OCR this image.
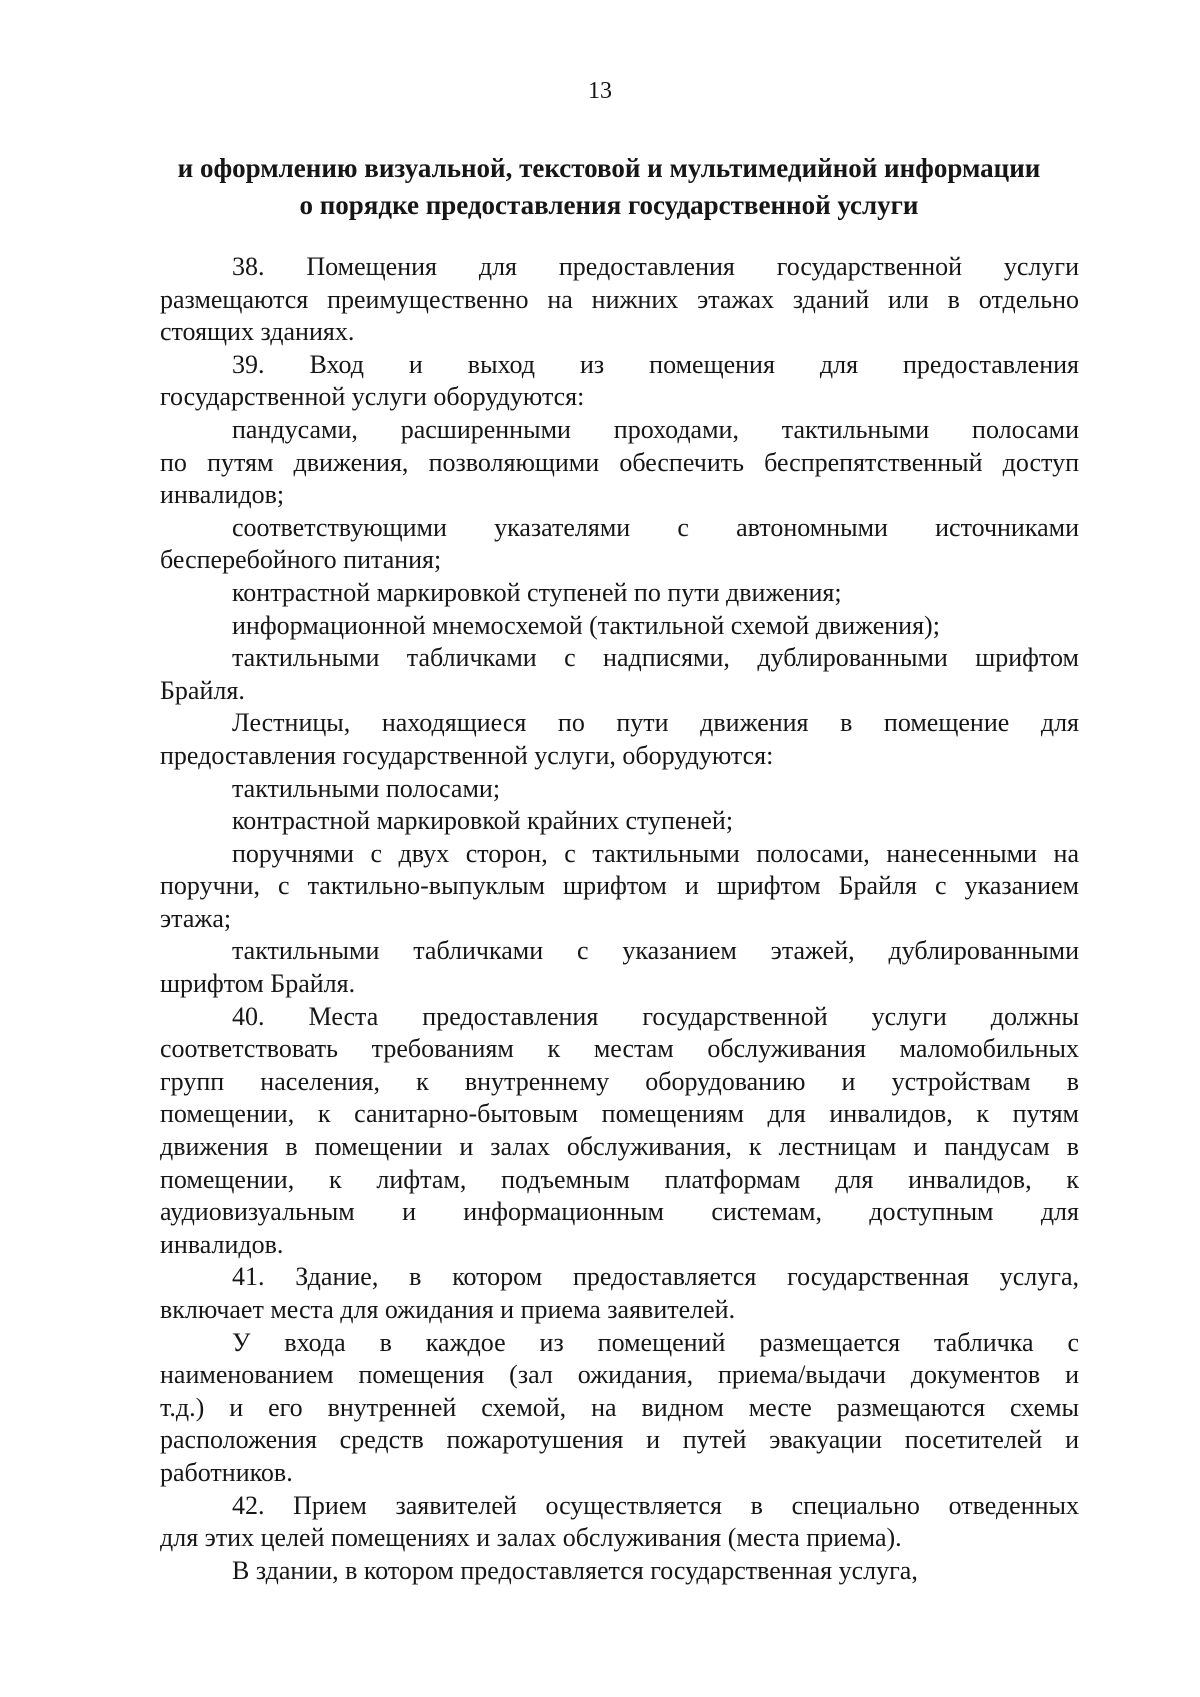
13
и оформлению визуальной, текстовой и мультимедийной информации
о порядке предоставления государственной услуги
38. Помещения для предоставления государственной услуги
размещаются преимущественно на нижних этажах зданий или в отдельно
стоящих зданиях.
39. Вход и выход из помещения для предоставления
государственной услуги оборудуются:
пандусами, расширенными проходами, тактильными полосами
по путям движения, позволяющими обеспечить беспрепятственный доступ
инвалидов;
соответствующими указателями с автономными источниками
бесперебойного питания;
контрастной маркировкой ступеней по пути движения;
информационной мнемосхемой (тактильной схемой движения);
тактильными табличками с надписями, дублированными шрифтом
Брайля.
Лестницы, находящиеся по пути движения в помещение для
предоставления государственной услуги, оборудуются:
тактильными полосами;
контрастной маркировкой крайних ступеней;
поручнями с двух сторон, с тактильными полосами, нанесенными на
поручни, с тактильно-выпуклым шрифтом и шрифтом Брайля с указанием
этажа;
тактильными табличками с указанием этажей, дублированными
шрифтом Брайля.
40. Места предоставления государственной услуги должны
соответствовать требованиям к местам обслуживания маломобильных
групп населения, к внутреннему оборудованию и устройствам в
помещении, к санитарно-бытовым помещениям для инвалидов, к путям
движения в помещении и залах обслуживания, к лестницам и пандусам в
помещении, к лифтам, подъемным платформам для инвалидов, к
аудиовизуальным и информационным системам, доступным для
инвалидов.
41. Здание, в котором предоставляется государственная услуга,
включает места для ожидания и приема заявителей.
У входа в каждое из помещений размещается табличка с
наименованием помещения (зал ожидания, приема/выдачи документов и
т.д.) и его внутренней схемой, на видном месте размещаются схемы
расположения средств пожаротушения и путей эвакуации посетителей и
работников.
42. Прием заявителей осуществляется в специально отведенных
для этих целей помещениях и залах обслуживания (места приема).
В здании, в котором предоставляется государственная услуга,
